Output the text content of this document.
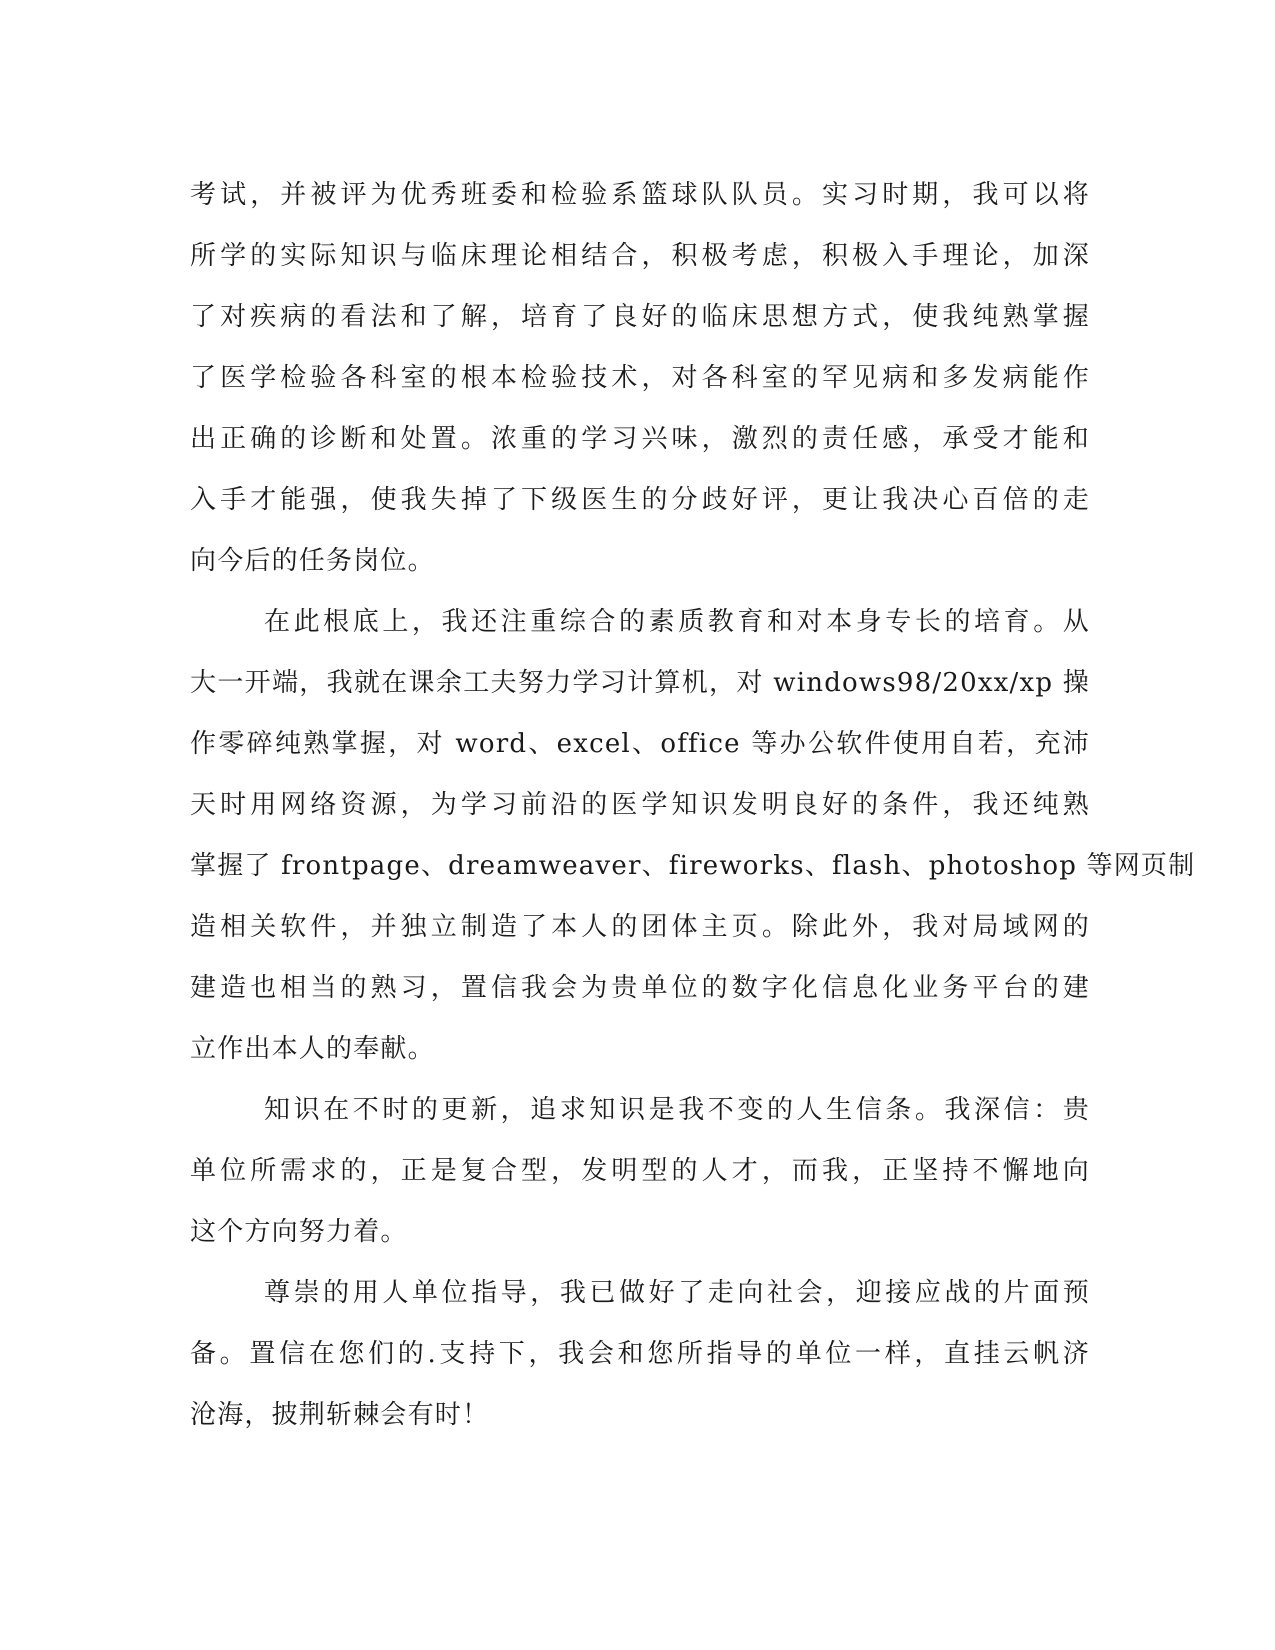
考试，并被评为优秀班委和检验系篮球队队员。实习时期，我可以将
所学的实际知识与临床理论相结合，积极考虑，积极入手理论，加深
了对疾病的看法和了解，培育了良好的临床思想方式，使我纯熟掌握
了医学检验各科室的根本检验技术，对各科室的罕见病和多发病能作
出正确的诊断和处置。浓重的学习兴味，激烈的责任感，承受才能和
入手才能强，使我失掉了下级医生的分歧好评，更让我决心百倍的走
向今后的任务岗位。
在此根底上，我还注重综合的素质教育和对本身专长的培育。从
大一开端，我就在课余工夫努力学习计算机，对 windows98/20xx/xp 操
作零碎纯熟掌握，对 word、excel、office 等办公软件使用自若，充沛
天时用网络资源，为学习前沿的医学知识发明良好的条件，我还纯熟
掌握了 frontpage、dreamweaver、fireworks、flash、photoshop 等网页制
造相关软件，并独立制造了本人的团体主页。除此外，我对局域网的
建造也相当的熟习，置信我会为贵单位的数字化信息化业务平台的建
立作出本人的奉献。
知识在不时的更新，追求知识是我不变的人生信条。我深信：贵
单位所需求的，正是复合型，发明型的人才，而我，正坚持不懈地向
这个方向努力着。
尊崇的用人单位指导，我已做好了走向社会，迎接应战的片面预
备。置信在您们的.支持下，我会和您所指导的单位一样，直挂云帆济
沧海，披荆斩棘会有时！
